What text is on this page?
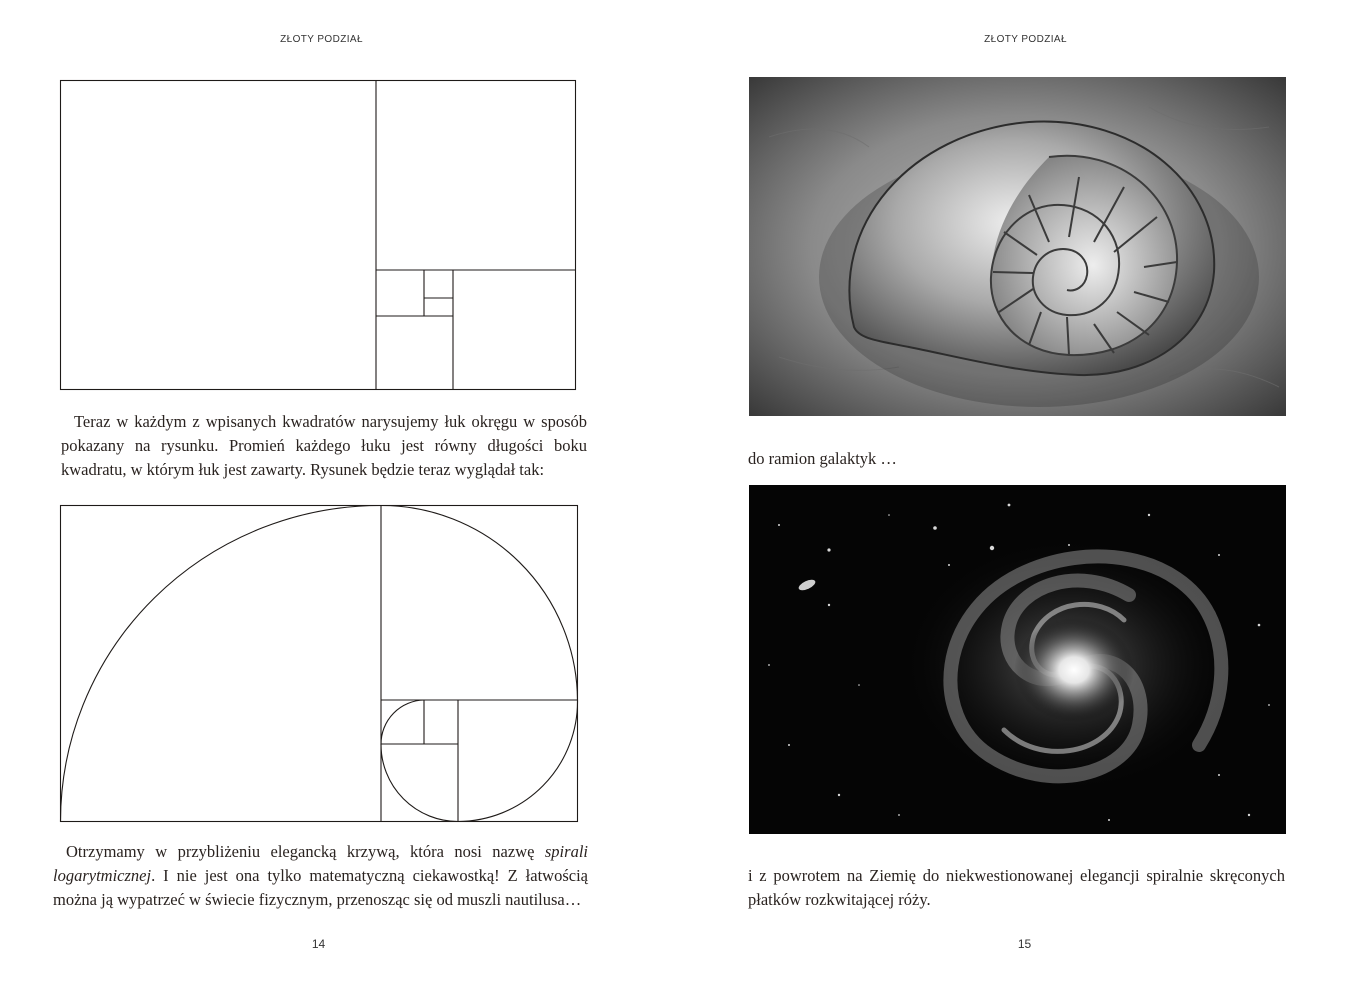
ZŁOTY PODZIAŁ

Teraz w każdym z wpisanych kwadratów narysujemy łuk okręgu w sposób pokazany na rysunku. Promień każdego łuku jest równy długości boku kwadratu, w którym łuk jest zawarty. Rysunek będzie teraz wyglądał tak:

Otrzymamy w przybliżeniu elegancką krzywą, która nosi nazwę spirali logarytmicznej. I nie jest ona tylko matematyczną ciekawostką! Z łatwością można ją wypatrzeć w świecie fizycznym, przenosząc się od muszli nautilusa…

14
ZŁOTY PODZIAŁ

do ramion galaktyk …

i z powrotem na Ziemię do niekwestionowanej elegancji spiralnie skręconych płatków rozkwitającej róży.

15
